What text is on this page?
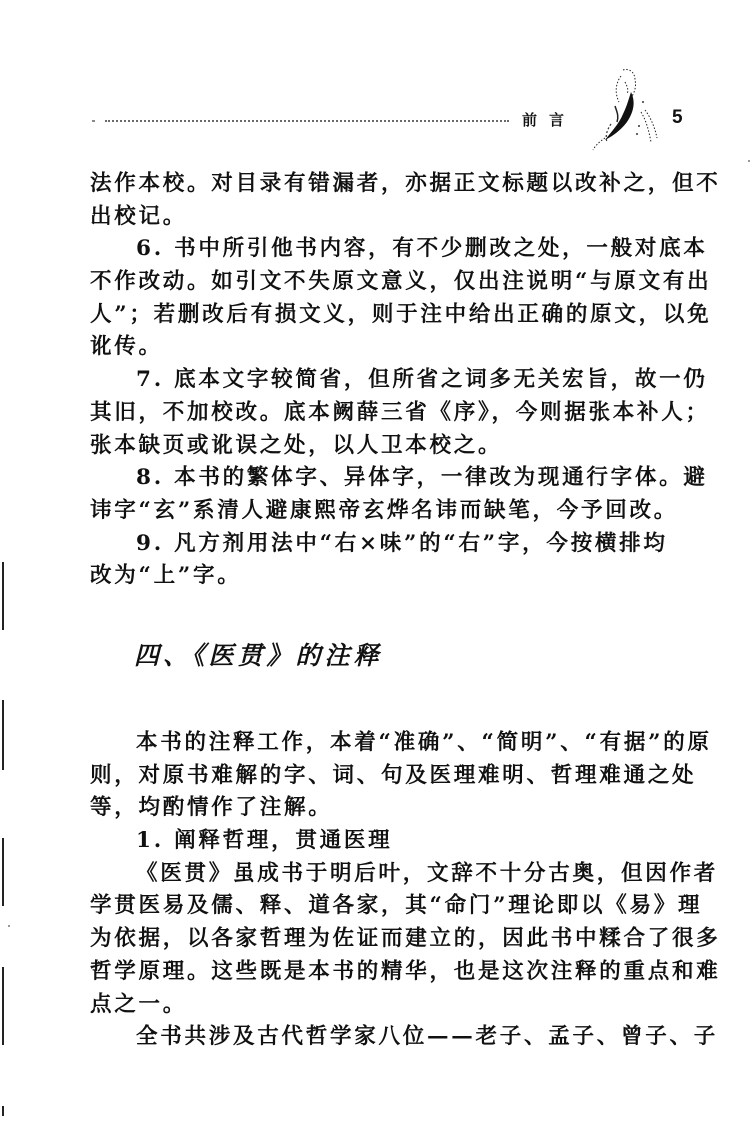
前言	5
法作本校。对目录有错漏者，亦据正文标题以改补之，但不
出校记。
6. 书中所引他书内容，有不少删改之处，一般对底本
不作改动。如引文不失原文意义，仅出注说明“与原文有出
人”；若删改后有损文义，则于注中给出正确的原文，以免
讹传。
7. 底本文字较简省，但所省之词多无关宏旨，故一仍
其旧，不加校改。底本阙薛三省《序》，今则据张本补人；
张本缺页或讹误之处，以人卫本校之。
8. 本书的繁体字、异体字，一律改为现通行字体。避
讳字“玄”系清人避康熙帝玄烨名讳而缺笔，今予回改。
9. 凡方剂用法中“右×味”的“右”字，今按横排均
改为“上”字。
四、《医贯》的注释
本书的注释工作，本着“准确”、“简明”、“有据”的原
则，对原书难解的字、词、句及医理难明、哲理难通之处
等，均酌情作了注解。
1. 阐释哲理，贯通医理
《医贯》虽成书于明后叶，文辞不十分古奥，但因作者
学贯医易及儒、释、道各家，其“命门”理论即以《易》理
为依据，以各家哲理为佐证而建立的，因此书中糅合了很多
哲学原理。这些既是本书的精华，也是这次注释的重点和难
点之一。
全书共涉及古代哲学家八位——老子、孟子、曾子、子
